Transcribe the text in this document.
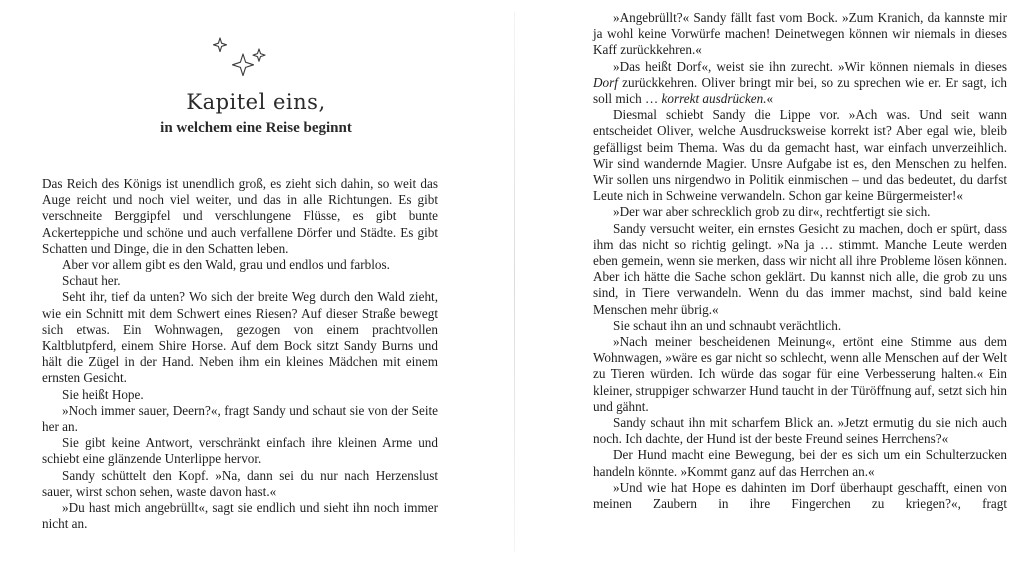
Kapitel eins,
in welchem eine Reise beginnt

Das Reich des Königs ist unendlich groß, es zieht sich dahin, so weit das Auge reicht und noch viel weiter, und das in alle Richtungen. Es gibt verschneite Berggipfel und verschlungene Flüsse, es gibt bunte Ackerteppiche und schöne und auch verfallene Dörfer und Städte. Es gibt Schatten und Dinge, die in den Schatten leben.

Aber vor allem gibt es den Wald, grau und endlos und farblos.

Schaut her.

Seht ihr, tief da unten? Wo sich der breite Weg durch den Wald zieht, wie ein Schnitt mit dem Schwert eines Riesen? Auf dieser Straße bewegt sich etwas. Ein Wohnwagen, gezogen von einem prachtvollen Kaltblutpferd, einem Shire Horse. Auf dem Bock sitzt Sandy Burns und hält die Zügel in der Hand. Neben ihm ein kleines Mädchen mit einem ernsten Gesicht.

Sie heißt Hope.

»Noch immer sauer, Deern?«, fragt Sandy und schaut sie von der Seite her an.

Sie gibt keine Antwort, verschränkt einfach ihre kleinen Arme und schiebt eine glänzende Unterlippe hervor.

Sandy schüttelt den Kopf. »Na, dann sei du nur nach Herzenslust sauer, wirst schon sehen, waste davon hast.«

»Du hast mich angebrüllt«, sagt sie endlich und sieht ihn noch immer nicht an.

»Angebrüllt?« Sandy fällt fast vom Bock. »Zum Kranich, da kannste mir ja wohl keine Vorwürfe machen! Deinetwegen können wir niemals in dieses Kaff zurückkehren.«

»Das heißt Dorf«, weist sie ihn zurecht. »Wir können niemals in dieses Dorf zurückkehren. Oliver bringt mir bei, so zu sprechen wie er. Er sagt, ich soll mich … korrekt ausdrücken.«

Diesmal schiebt Sandy die Lippe vor. »Ach was. Und seit wann entscheidet Oliver, welche Ausdrucksweise korrekt ist? Aber egal wie, bleib gefälligst beim Thema. Was du da gemacht hast, war einfach unverzeihlich. Wir sind wandernde Magier. Unsre Aufgabe ist es, den Menschen zu helfen. Wir sollen uns nirgendwo in Politik einmischen – und das bedeutet, du darfst Leute nich in Schweine verwandeln. Schon gar keine Bürgermeister!«

»Der war aber schrecklich grob zu dir«, rechtfertigt sie sich.

Sandy versucht weiter, ein ernstes Gesicht zu machen, doch er spürt, dass ihm das nicht so richtig gelingt. »Na ja … stimmt. Manche Leute werden eben gemein, wenn sie merken, dass wir nicht all ihre Probleme lösen können. Aber ich hätte die Sache schon geklärt. Du kannst nich alle, die grob zu uns sind, in Tiere verwandeln. Wenn du das immer machst, sind bald keine Menschen mehr übrig.«

Sie schaut ihn an und schnaubt verächtlich.

»Nach meiner bescheidenen Meinung«, ertönt eine Stimme aus dem Wohnwagen, »wäre es gar nicht so schlecht, wenn alle Menschen auf der Welt zu Tieren würden. Ich würde das sogar für eine Verbesserung halten.« Ein kleiner, struppiger schwarzer Hund taucht in der Türöffnung auf, setzt sich hin und gähnt.

Sandy schaut ihn mit scharfem Blick an. »Jetzt ermutig du sie nich auch noch. Ich dachte, der Hund ist der beste Freund seines Herrchens?«

Der Hund macht eine Bewegung, bei der es sich um ein Schulterzucken handeln könnte. »Kommt ganz auf das Herrchen an.«

»Und wie hat Hope es dahinten im Dorf überhaupt geschafft, einen von meinen Zaubern in ihre Fingerchen zu kriegen?«, fragt
